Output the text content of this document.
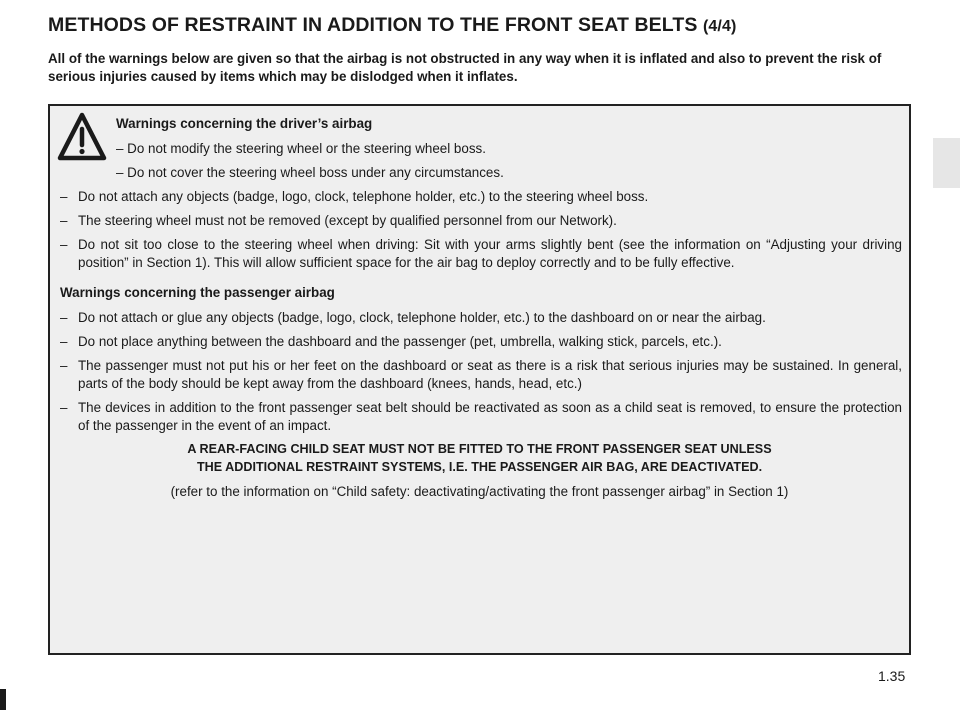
METHODS OF RESTRAINT IN ADDITION TO THE FRONT SEAT BELTS (4/4)

All of the warnings below are given so that the airbag is not obstructed in any way when it is inflated and also to prevent the risk of serious injuries caused by items which may be dislodged when it inflates.

Warnings concerning the driver’s airbag
– Do not modify the steering wheel or the steering wheel boss.
– Do not cover the steering wheel boss under any circumstances.
– Do not attach any objects (badge, logo, clock, telephone holder, etc.) to the steering wheel boss.
– The steering wheel must not be removed (except by qualified personnel from our Network).
– Do not sit too close to the steering wheel when driving: Sit with your arms slightly bent (see the information on “Adjusting your driving position” in Section 1). This will allow sufficient space for the air bag to deploy correctly and to be fully effective.
Warnings concerning the passenger airbag
– Do not attach or glue any objects (badge, logo, clock, telephone holder, etc.) to the dashboard on or near the airbag.
– Do not place anything between the dashboard and the passenger (pet, umbrella, walking stick, parcels, etc.).
– The passenger must not put his or her feet on the dashboard or seat as there is a risk that serious injuries may be sustained. In general, parts of the body should be kept away from the dashboard (knees, hands, head, etc.)
– The devices in addition to the front passenger seat belt should be reactivated as soon as a child seat is removed, to ensure the protection of the passenger in the event of an impact.
A REAR-FACING CHILD SEAT MUST NOT BE FITTED TO THE FRONT PASSENGER SEAT UNLESS
THE ADDITIONAL RESTRAINT SYSTEMS, I.E. THE PASSENGER AIR BAG, ARE DEACTIVATED.
(refer to the information on “Child safety: deactivating/activating the front passenger airbag” in Section 1)
1.35
